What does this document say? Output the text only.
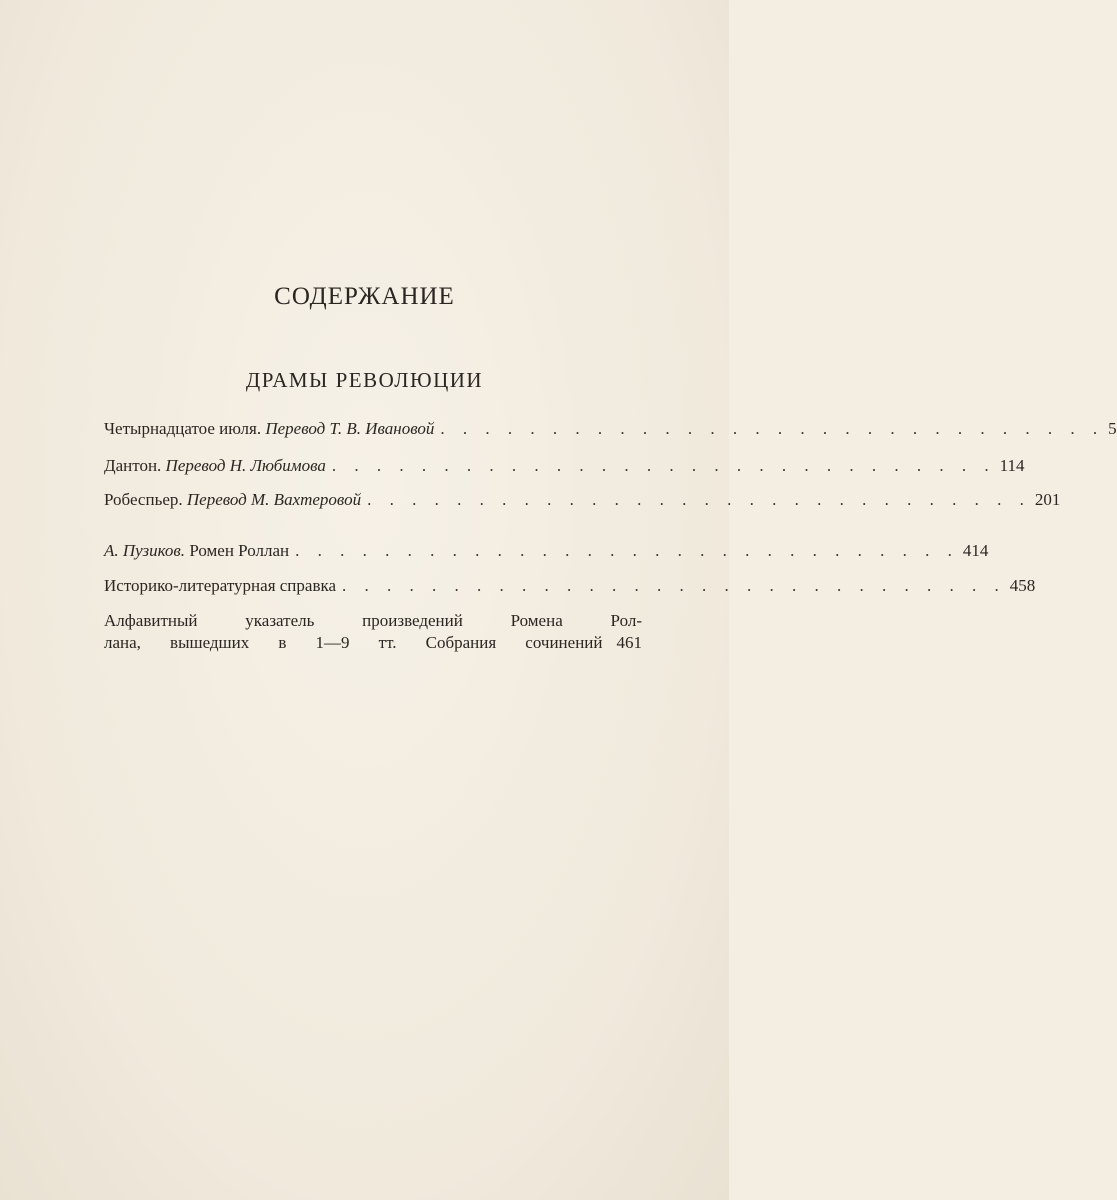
СОДЕРЖАНИЕ
ДРАМЫ РЕВОЛЮЦИИ
Четырнадцатое июля. Перевод Т. В. Ивановой . . . . . . . . . . . . . . . . . . . . . . . . . . . . . . 5
Дантон. Перевод Н. Любимова . . . . . . . . . . . . . . . . . . . . . . . . . . . . . . 114
Робеспьер. Перевод М. Вахтеровой . . . . . . . . . . . . . . . . . . . . . . . . . . . . . . 201
А. Пузиков. Ромен Роллан . . . . . . . . . . . . . . . . . . . . . . . . . . . . . . 414
Историко-литературная справка . . . . . . . . . . . . . . . . . . . . . . . . . . . . . . 458
Алфавитный указатель произведений Ромена Рол-
лана, вышедших в 1—9 тт. Собрания сочинений 461
